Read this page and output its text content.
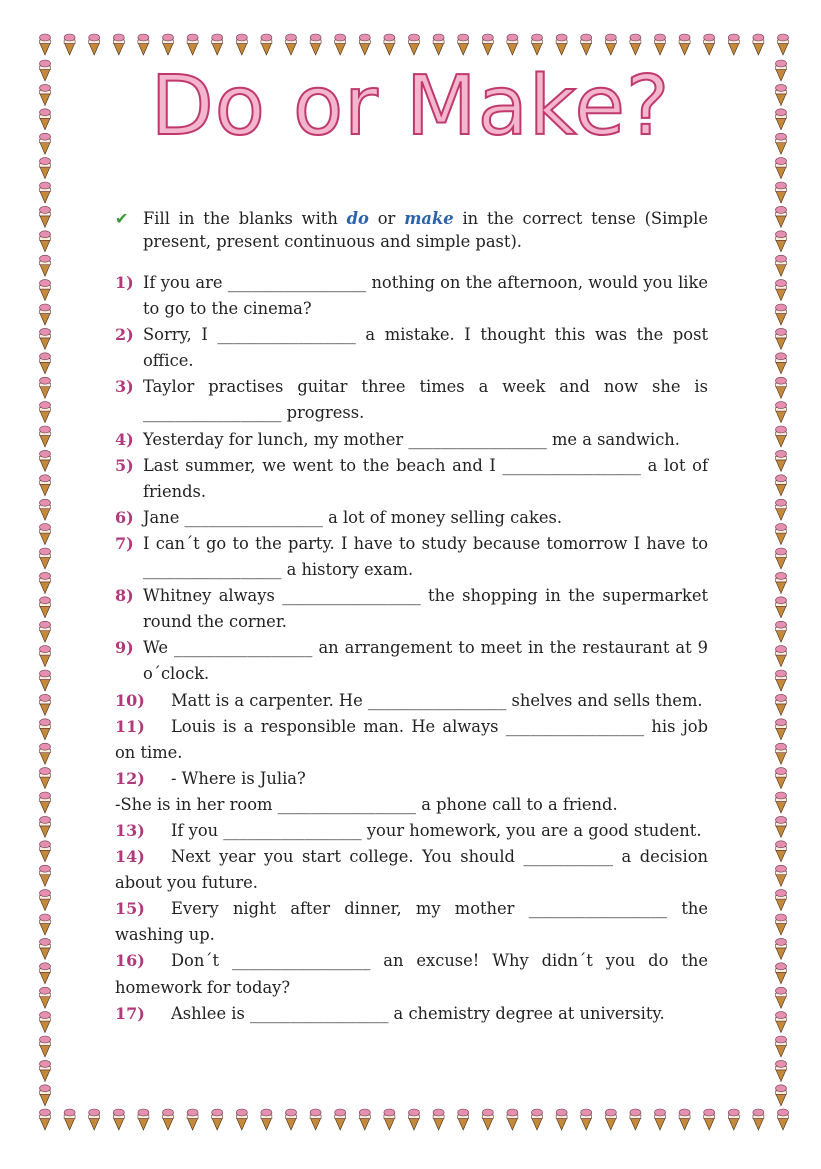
Do or Make?
✔ Fill in the blanks with do or make in the correct tense (Simple present, present continuous and simple past).
1) If you are _________________ nothing on the afternoon, would you like to go to the cinema?
2) Sorry, I _________________ a mistake. I thought this was the post office.
3) Taylor practises guitar three times a week and now she is _________________ progress.
4) Yesterday for lunch, my mother _________________ me a sandwich.
5) Last summer, we went to the beach and I _________________ a lot of friends.
6) Jane _________________ a lot of money selling cakes.
7) I can´t go to the party. I have to study because tomorrow I have to _________________ a history exam.
8) Whitney always _________________ the shopping in the supermarket round the corner.
9) We _________________ an arrangement to meet in the restaurant at 9 o´clock.
10) Matt is a carpenter. He _________________ shelves and sells them.
11) Louis is a responsible man. He always _________________ his job on time.
12) - Where is Julia?
-She is in her room _________________ a phone call to a friend.
13) If you _________________ your homework, you are a good student.
14) Next year you start college. You should ___________ a decision about you future.
15) Every night after dinner, my mother _________________ the washing up.
16) Don´t _________________ an excuse! Why didn´t you do the homework for today?
17) Ashlee is _________________ a chemistry degree at university.
